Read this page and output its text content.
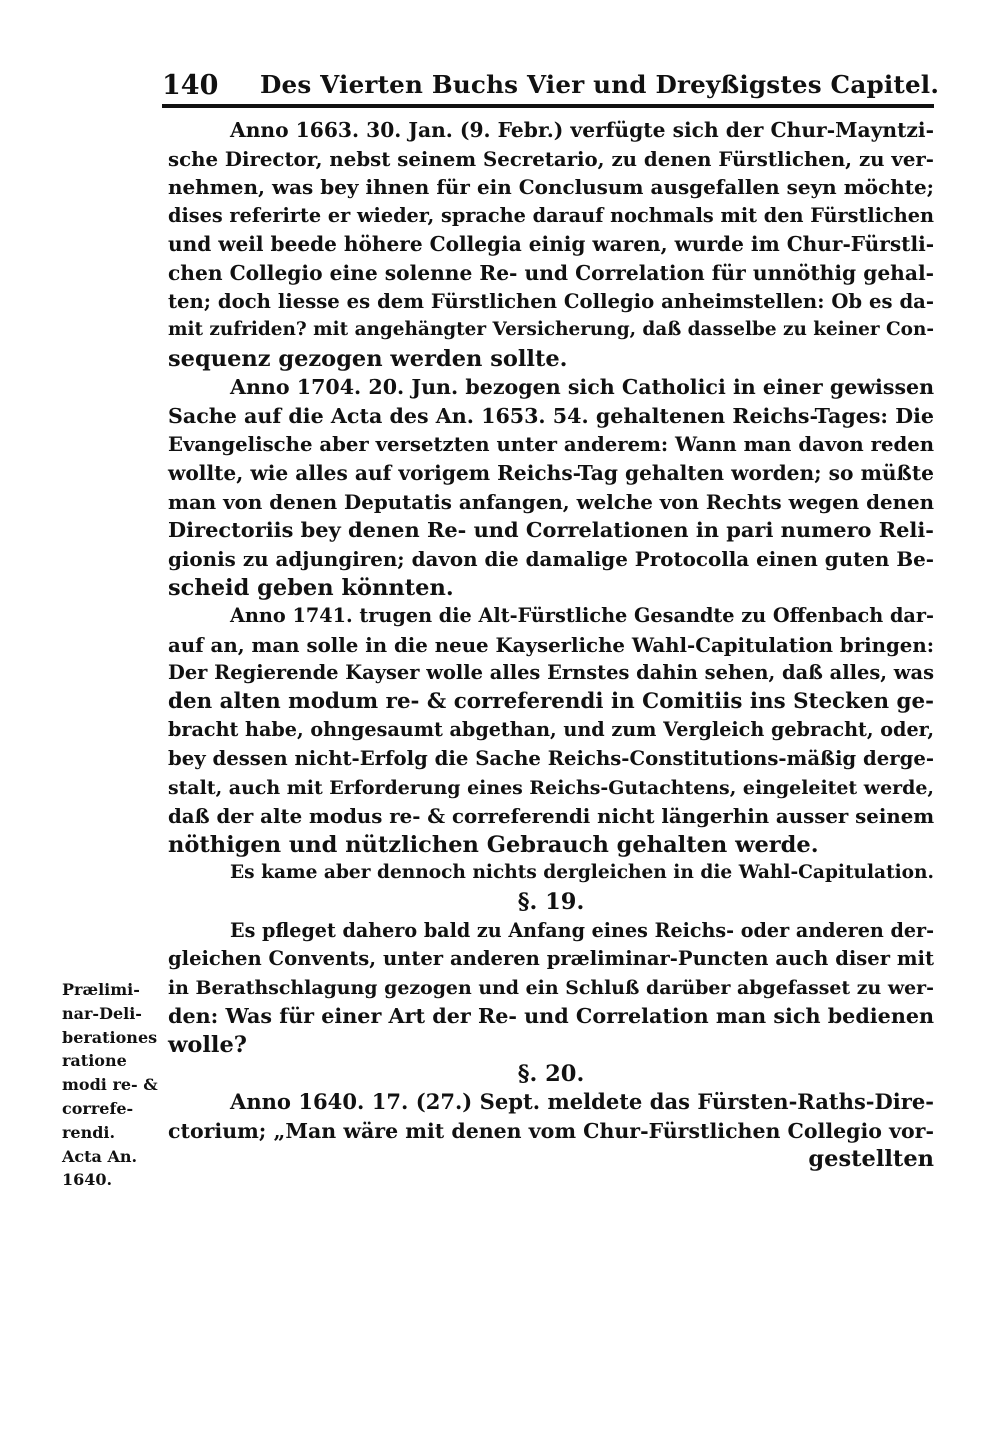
140 Des Vierten Buchs Vier und Dreyßigstes Capitel.
Anno 1663. 30. Jan. (9. Febr.) verfügte sich der Chur-Mayntzi-
sche Director, nebst seinem Secretario, zu denen Fürstlichen, zu ver-
nehmen, was bey ihnen für ein Conclusum ausgefallen seyn möchte;
dises referirte er wieder, sprache darauf nochmals mit den Fürstlichen
und weil beede höhere Collegia einig waren, wurde im Chur-Fürstli-
chen Collegio eine solenne Re- und Correlation für unnöthig gehal-
ten; doch liesse es dem Fürstlichen Collegio anheimstellen: Ob es da-
mit zufriden? mit angehängter Versicherung, daß dasselbe zu keiner Con-
sequenz gezogen werden sollte.
Anno 1704. 20. Jun. bezogen sich Catholici in einer gewissen
Sache auf die Acta des An. 1653. 54. gehaltenen Reichs-Tages: Die
Evangelische aber versetzten unter anderem: Wann man davon reden
wollte, wie alles auf vorigem Reichs-Tag gehalten worden; so müßte
man von denen Deputatis anfangen, welche von Rechts wegen denen
Directoriis bey denen Re- und Correlationen in pari numero Reli-
gionis zu adjungiren; davon die damalige Protocolla einen guten Be-
scheid geben könnten.
Anno 1741. trugen die Alt-Fürstliche Gesandte zu Offenbach dar-
auf an, man solle in die neue Kayserliche Wahl-Capitulation bringen:
Der Regierende Kayser wolle alles Ernstes dahin sehen, daß alles, was
den alten modum re- & correferendi in Comitiis ins Stecken ge-
bracht habe, ohngesaumt abgethan, und zum Vergleich gebracht, oder,
bey dessen nicht-Erfolg die Sache Reichs-Constitutions-mäßig derge-
stalt, auch mit Erforderung eines Reichs-Gutachtens, eingeleitet werde,
daß der alte modus re- & correferendi nicht längerhin ausser seinem
nöthigen und nützlichen Gebrauch gehalten werde.
Es kame aber dennoch nichts dergleichen in die Wahl-Capitulation.
§. 19.
Es pfleget dahero bald zu Anfang eines Reichs- oder anderen der-
gleichen Convents, unter anderen præliminar-Puncten auch diser mit
in Berathschlagung gezogen und ein Schluß darüber abgefasset zu wer-
den: Was für einer Art der Re- und Correlation man sich bedienen
wolle?
§. 20.
Anno 1640. 17. (27.) Sept. meldete das Fürsten-Raths-Dire-
ctorium; „Man wäre mit denen vom Chur-Fürstlichen Collegio vor-
gestellten
Prælimi-
nar-Deli-
berationes
ratione
modi re- &
correfe-
rendi.
Acta An.
1640.
